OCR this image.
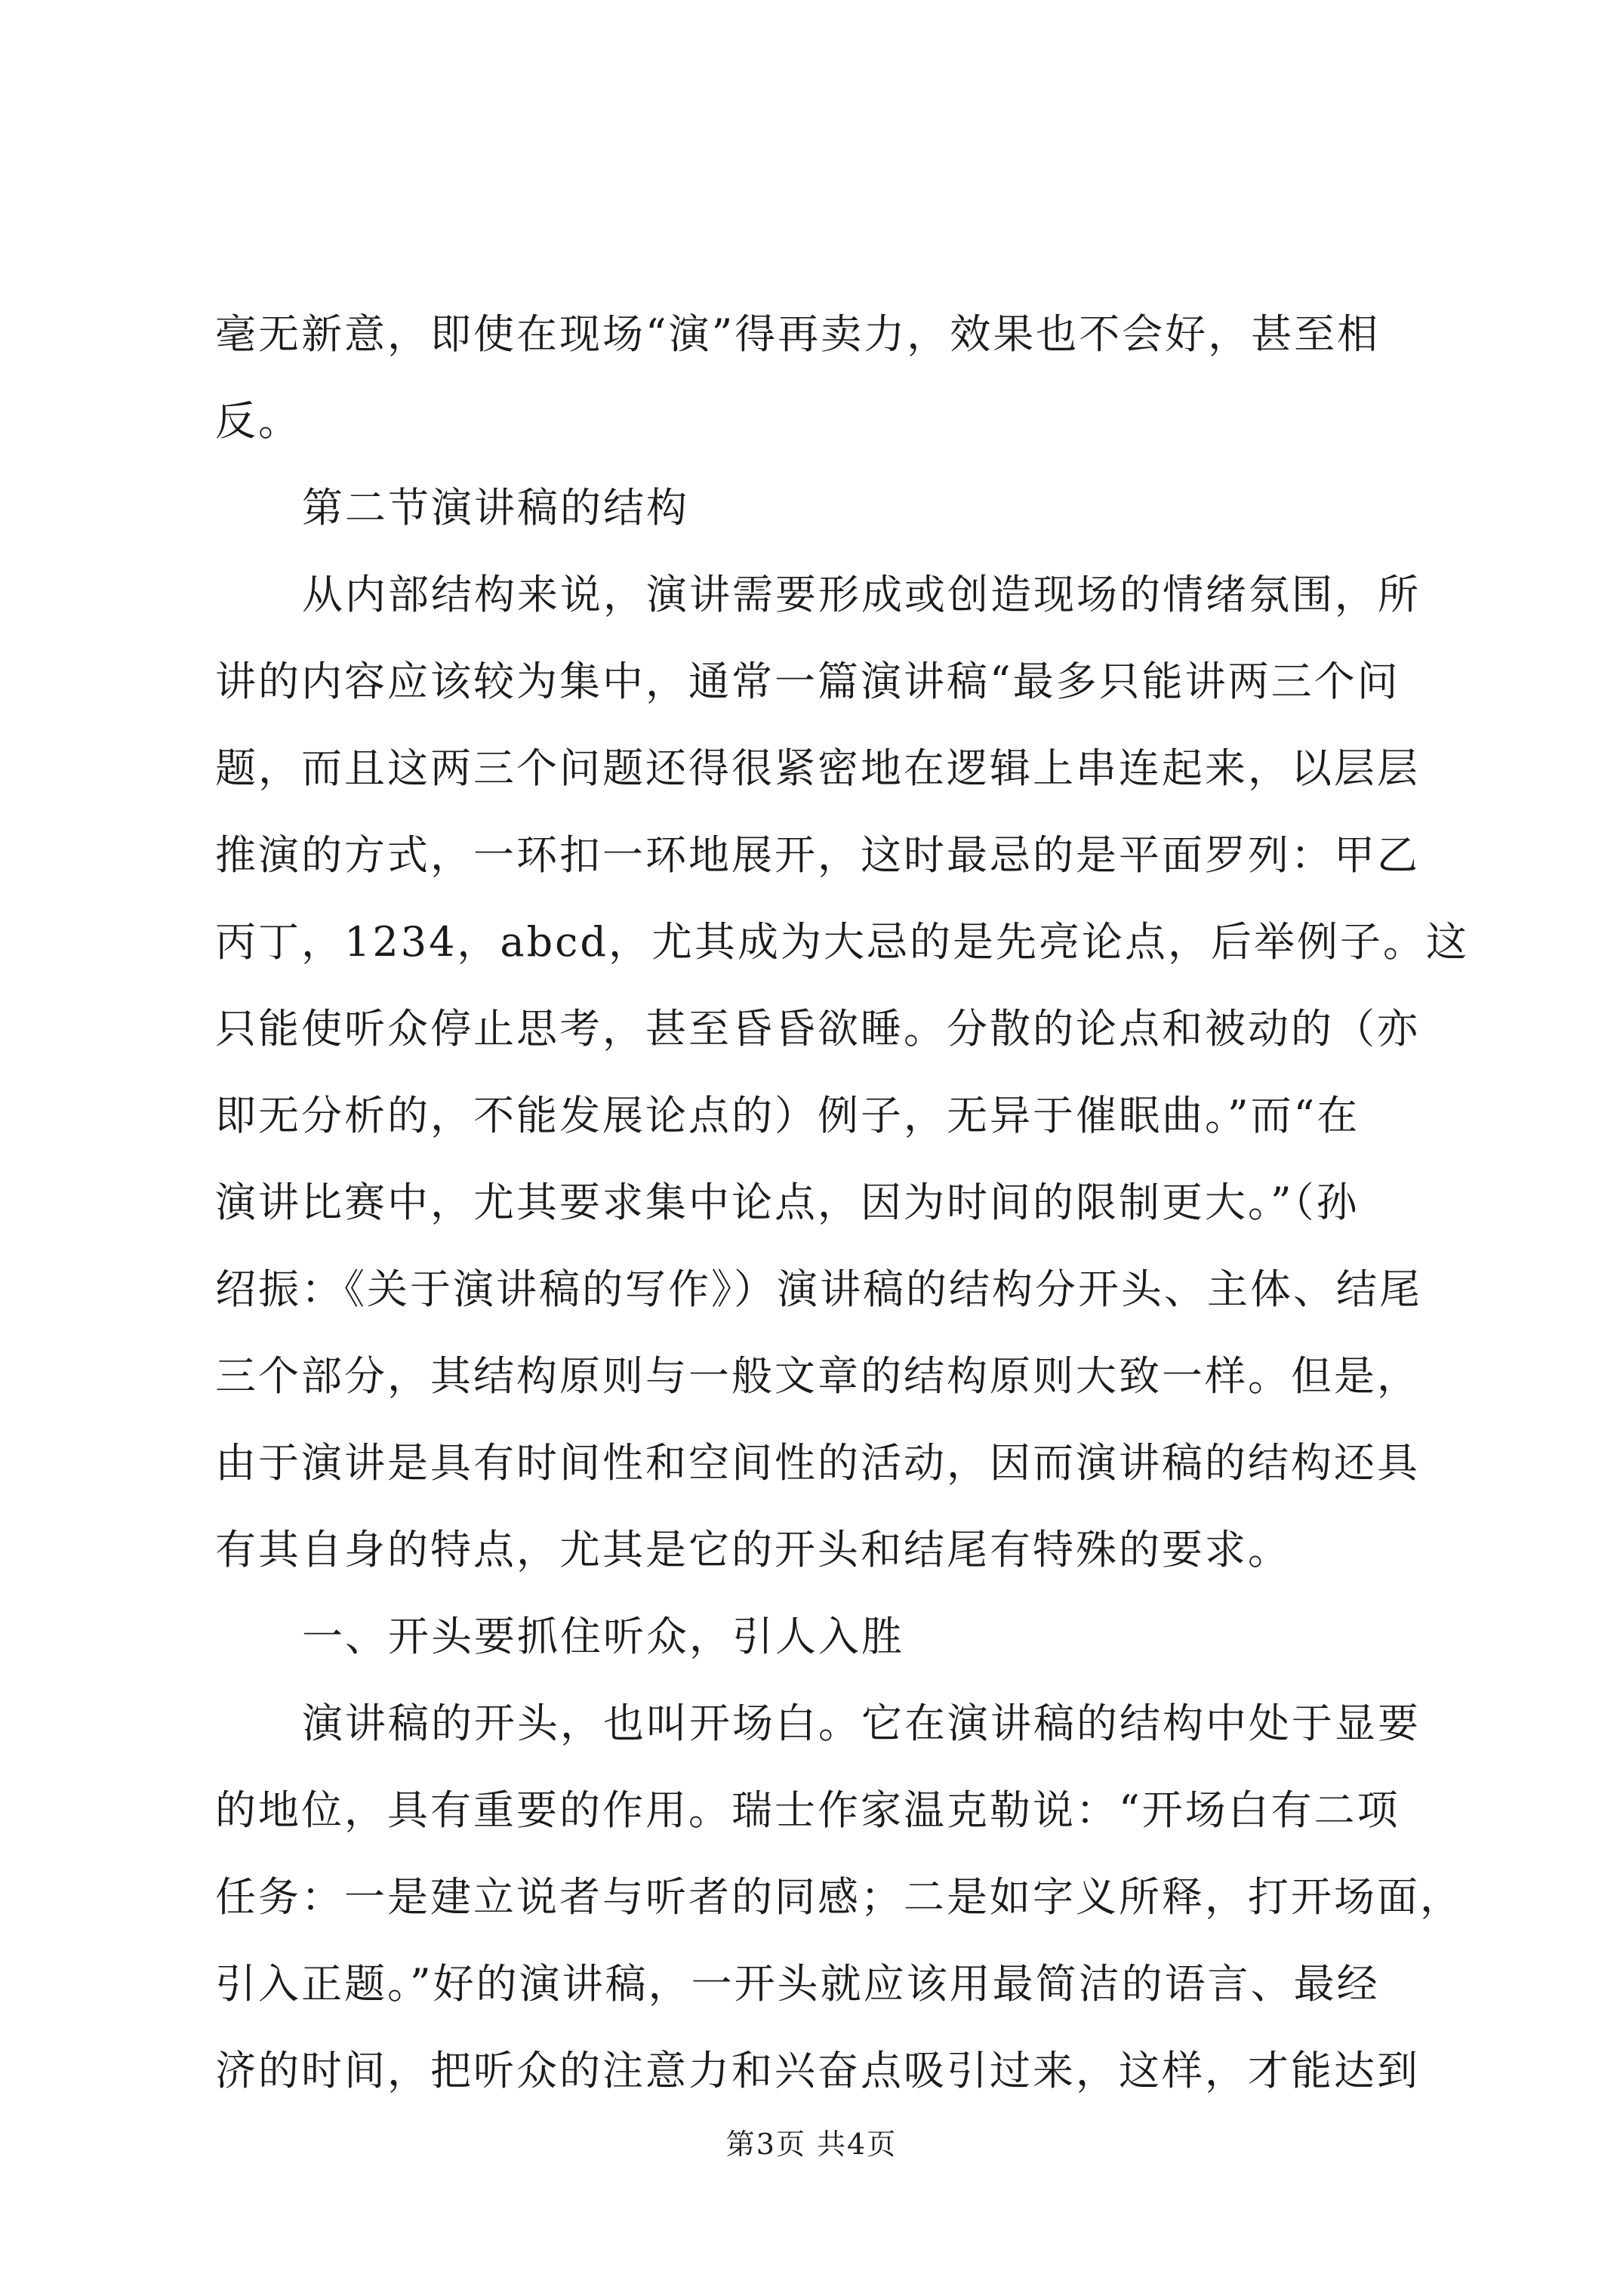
毫无新意，即使在现场“演”得再卖力，效果也不会好，甚至相
反。
第二节演讲稿的结构
从内部结构来说，演讲需要形成或创造现场的情绪氛围，所
讲的内容应该较为集中，通常一篇演讲稿“最多只能讲两三个问
题，而且这两三个问题还得很紧密地在逻辑上串连起来，以层层
推演的方式，一环扣一环地展开，这时最忌的是平面罗列：甲乙
丙丁，1234，abcd，尤其成为大忌的是先亮论点，后举例子。这
只能使听众停止思考，甚至昏昏欲睡。分散的论点和被动的（亦
即无分析的，不能发展论点的）例子，无异于催眠曲。”而“在
演讲比赛中，尤其要求集中论点，因为时间的限制更大。”（孙
绍振：《关于演讲稿的写作》）演讲稿的结构分开头、主体、结尾
三个部分，其结构原则与一般文章的结构原则大致一样。但是，
由于演讲是具有时间性和空间性的活动，因而演讲稿的结构还具
有其自身的特点，尤其是它的开头和结尾有特殊的要求。
一、开头要抓住听众，引人入胜
演讲稿的开头，也叫开场白。它在演讲稿的结构中处于显要
的地位，具有重要的作用。瑞士作家温克勒说：“开场白有二项
任务：一是建立说者与听者的同感；二是如字义所释，打开场面，
引入正题。”好的演讲稿，一开头就应该用最简洁的语言、最经
济的时间，把听众的注意力和兴奋点吸引过来，这样，才能达到
第3页 共4页
